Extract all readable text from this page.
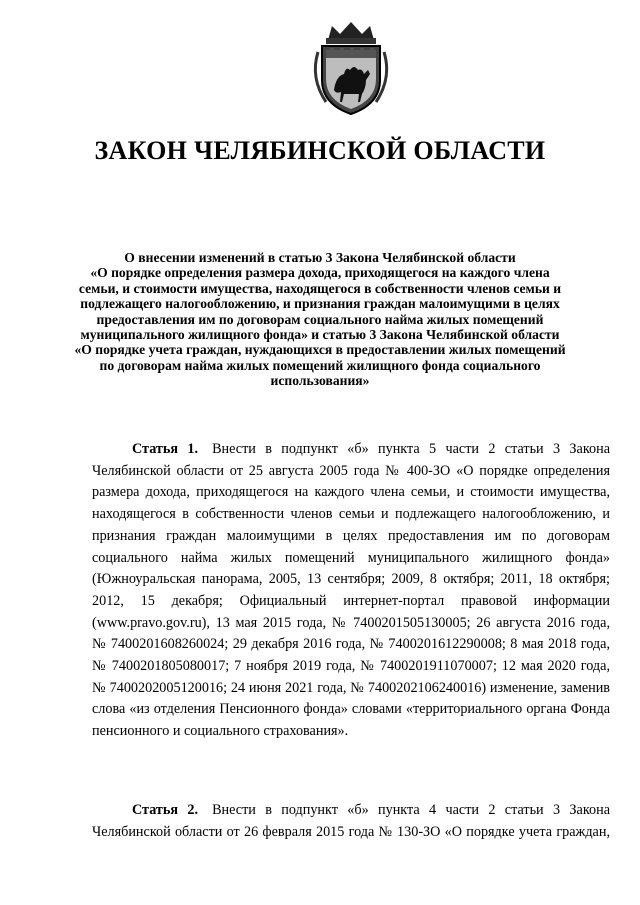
ЗАКОН ЧЕЛЯБИНСКОЙ ОБЛАСТИ
О внесении изменений в статью 3 Закона Челябинской области
«О порядке определения размера дохода, приходящегося на каждого члена
семьи, и стоимости имущества, находящегося в собственности членов семьи и
подлежащего налогообложению, и признания граждан малоимущими в целях
предоставления им по договорам социального найма жилых помещений
муниципального жилищного фонда» и статью 3 Закона Челябинской области
«О порядке учета граждан, нуждающихся в предоставлении жилых помещений
по договорам найма жилых помещений жилищного фонда социального
использования»
Статья 1. Внести в подпункт «б» пункта 5 части 2 статьи 3 Закона
Челябинской области от 25 августа 2005 года № 400-ЗО «О порядке определения
размера дохода, приходящегося на каждого члена семьи, и стоимости имущества,
находящегося в собственности членов семьи и подлежащего налогообложению, и
признания граждан малоимущими в целях предоставления им по договорам
социального найма жилых помещений муниципального жилищного фонда»
(Южноуральская панорама, 2005, 13 сентября; 2009, 8 октября; 2011, 18 октября;
2012, 15 декабря; Официальный интернет-портал правовой информации
(www.pravo.gov.ru), 13 мая 2015 года, № 7400201505130005; 26 августа 2016 года,
№ 7400201608260024; 29 декабря 2016 года, № 7400201612290008; 8 мая 2018 года,
№ 7400201805080017; 7 ноября 2019 года, № 7400201911070007; 12 мая 2020 года,
№ 7400202005120016; 24 июня 2021 года, № 7400202106240016) изменение, заменив
слова «из отделения Пенсионного фонда» словами «территориального органа Фонда
пенсионного и социального страхования».
Статья 2. Внести в подпункт «б» пункта 4 части 2 статьи 3 Закона
Челябинской области от 26 февраля 2015 года № 130-ЗО «О порядке учета граждан,
